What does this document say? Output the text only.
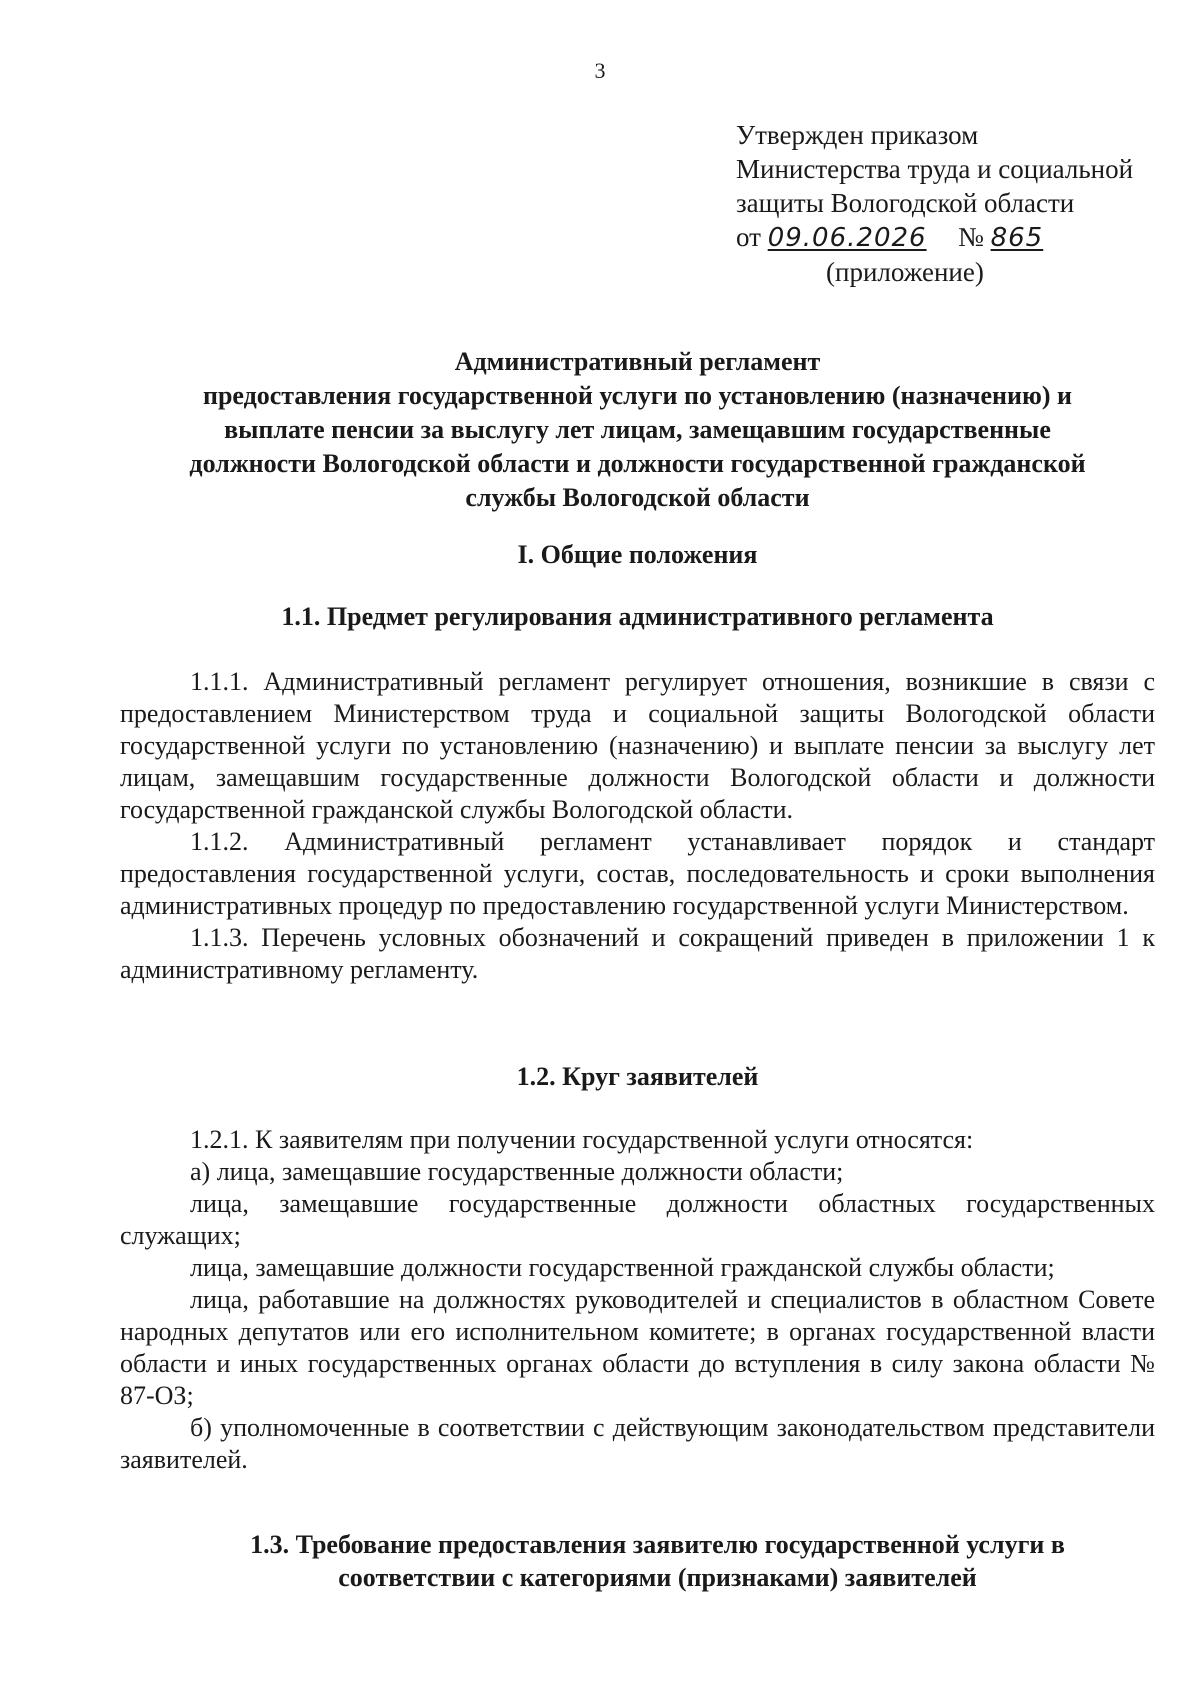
3
Утвержден приказом
Министерства труда и социальной
защиты Вологодской области
от 09.06.2026 № 865
(приложение)
Административный регламент
предоставления государственной услуги по установлению (назначению) и
выплате пенсии за выслугу лет лицам, замещавшим государственные
должности Вологодской области и должности государственной гражданской
службы Вологодской области
I. Общие положения
1.1. Предмет регулирования административного регламента

1.1.1. Административный регламент регулирует отношения, возникшие в связи с предоставлением Министерством труда и социальной защиты Вологодской области государственной услуги по установлению (назначению) и выплате пенсии за выслугу лет лицам, замещавшим государственные должности Вологодской области и должности государственной гражданской службы Вологодской области.

1.1.2. Административный регламент устанавливает порядок и стандарт предоставления государственной услуги, состав, последовательность и сроки выполнения административных процедур по предоставлению государственной услуги Министерством.

1.1.3. Перечень условных обозначений и сокращений приведен в приложении 1 к административному регламенту.

1.2. Круг заявителей

1.2.1. К заявителям при получении государственной услуги относятся:

а) лица, замещавшие государственные должности области;

лица, замещавшие государственные должности областных государственных служащих;

лица, замещавшие должности государственной гражданской службы области;

лица, работавшие на должностях руководителей и специалистов в областном Совете народных депутатов или его исполнительном комитете; в органах государственной власти области и иных государственных органах области до вступления в силу закона области № 87-ОЗ;

б) уполномоченные в соответствии с действующим законодательством представители заявителей.

1.3. Требование предоставления заявителю государственной услуги в
соответствии с категориями (признаками) заявителей
